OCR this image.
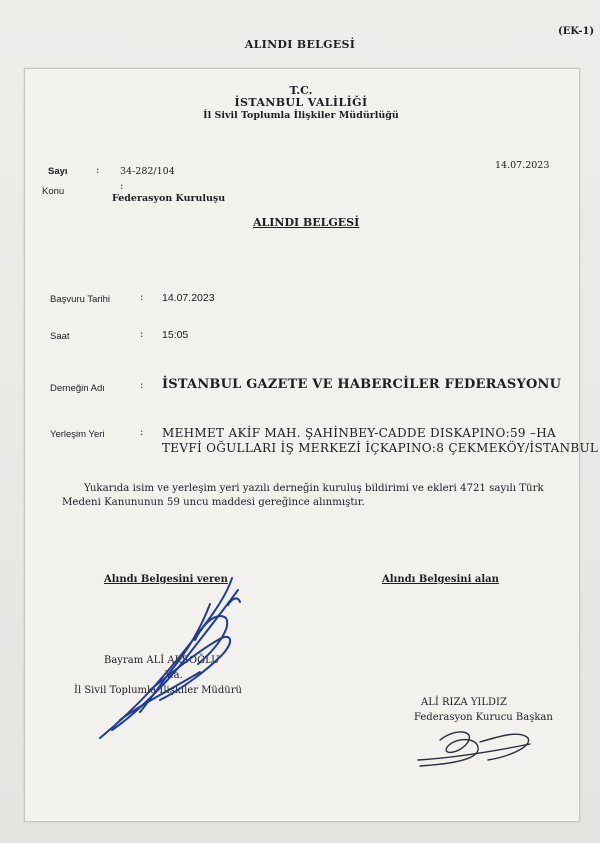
(EK-1)
ALINDI BELGESİ
T.C.
İSTANBUL VALİLİĞİ
İl Sivil Toplumla İlişkiler Müdürlüğü
Sayı	: 34-282/104
14.07.2023
Konu	:
Federasyon Kuruluşu
ALINDI BELGESİ
Başvuru Tarihi	: 14.07.2023
Saat	: 15:05
Derneğin Adı	: İSTANBUL GAZETE VE HABERCİLER FEDERASYONU
Yerleşim Yeri	: MEHMET AKİF MAH. ŞAHİNBEY-CADDE DISKAPINO:59 –HA
TEVFİ OĞULLARI İŞ MERKEZİ İÇKAPINO:8 ÇEKMEKÖY/İSTANBUL
Yukarıda isim ve yerleşim yeri yazılı derneğin kuruluş bildirimi ve ekleri 4721 sayılı Türk Medeni Kanununun 59 uncu maddesi gereğince alınmıştır.
Alındı Belgesini veren	Alındı Belgesini alan
Bayram ALİ AKSOĞLU
V.a.
İl Sivil Toplumla İlişkiler Müdürü
ALİ RIZA YILDIZ
Federasyon Kurucu Başkan
